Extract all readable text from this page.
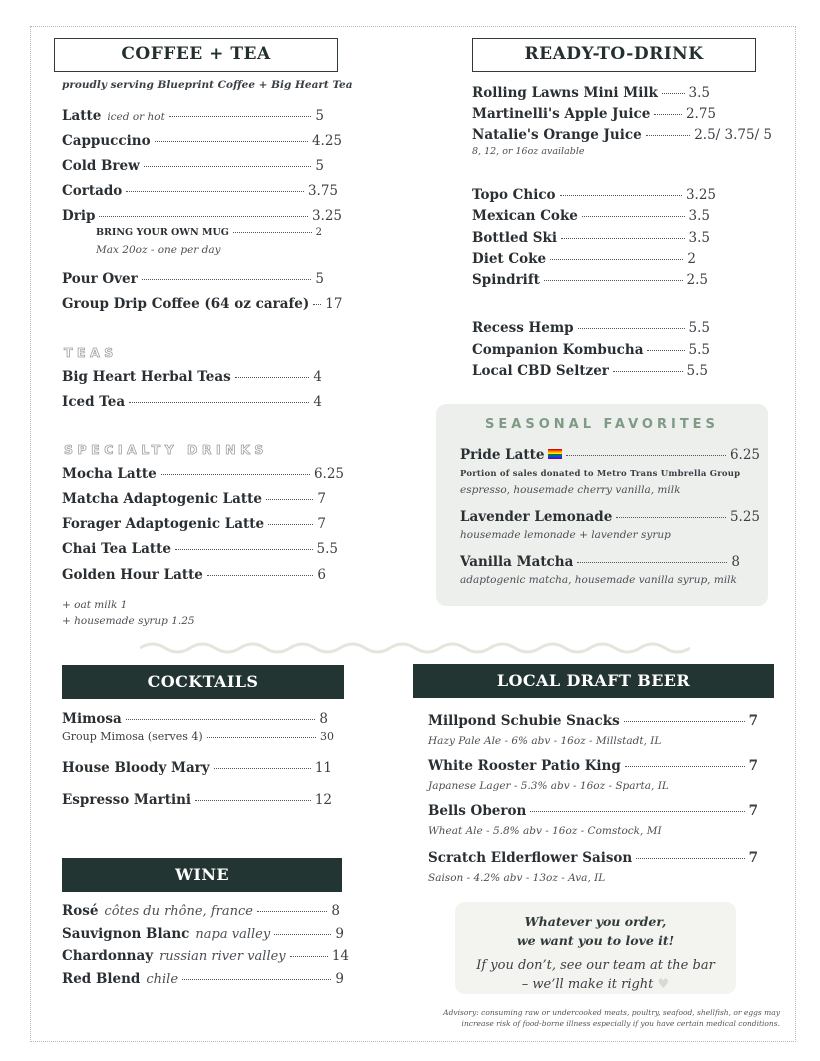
COFFEE + TEA
proudly serving Blueprint Coffee + Big Heart Tea
Latte iced or hot	5
Cappuccino	4.25
Cold Brew	5
Cortado	3.75
Drip	3.25
BRING YOUR OWN MUG	2
Max 20oz - one per day
Pour Over	5
Group Drip Coffee (64 oz carafe) 17
TEAS
Big Heart Herbal Teas	4
Iced Tea	4
SPECIALTY DRINKS
Mocha Latte	6.25
Matcha Adaptogenic Latte	7
Forager Adaptogenic Latte	7
Chai Tea Latte	5.5
Golden Hour Latte	6
+ oat milk 1
+ housemade syrup 1.25
READY-TO-DRINK
Rolling Lawns Mini Milk 3.5
Martinelli's Apple Juice	2.75
Natalie's Orange Juice	2.5/ 3.75/ 5
8, 12, or 16oz available
Topo Chico	3.25
Mexican Coke	3.5
Bottled Ski	3.5
Diet Coke	2
Spindrift	2.5
Recess Hemp	5.5
Companion Kombucha	5.5
Local CBD Seltzer	5.5
SEASONAL FAVORITES
Pride Latte	6.25
Portion of sales donated to Metro Trans Umbrella Group
espresso, housemade cherry vanilla, milk
Lavender Lemonade	5.25
housemade lemonade + lavender syrup
Vanilla Matcha	8
adaptogenic matcha, housemade vanilla syrup, milk
COCKTAILS
Mimosa	8
Group Mimosa (serves 4)	30
House Bloody Mary	11
Espresso Martini	12
WINE
Rosé côtes du rhône, france	8
Sauvignon Blanc napa valley	9
Chardonnay russian river valley	14
Red Blend chile	9
LOCAL DRAFT BEER
Millpond Schubie Snacks	7
Hazy Pale Ale - 6% abv - 16oz - Millstadt, IL
White Rooster Patio King	7
Japanese Lager - 5.3% abv - 16oz - Sparta, IL
Bells Oberon	7
Wheat Ale - 5.8% abv - 16oz - Comstock, MI
Scratch Elderflower Saison	7
Saison - 4.2% abv - 13oz - Ava, IL
Whatever you order,
we want you to love it!
If you don’t, see our team at the bar
– we’ll make it right ♥
Advisory: consuming raw or undercooked meats, poultry, seafood, shellfish, or eggs may
increase risk of food-borne illness especially if you have certain medical conditions.
